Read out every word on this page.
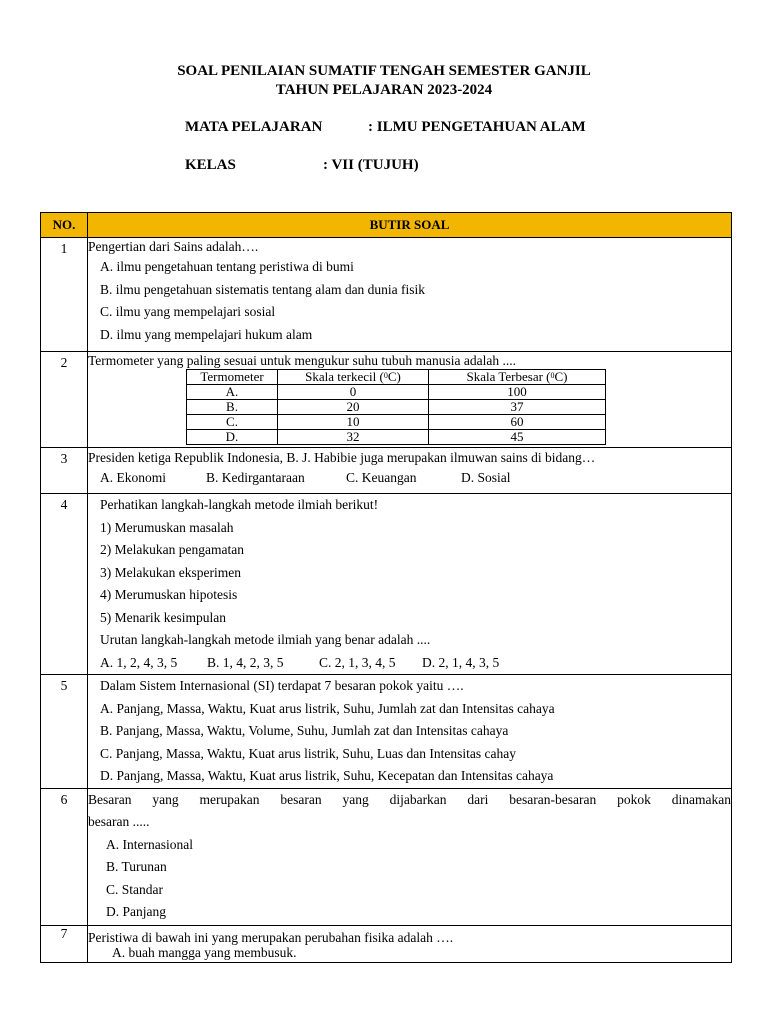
SOAL PENILAIAN SUMATIF TENGAH SEMESTER GANJIL
TAHUN PELAJARAN 2023-2024
MATA PELAJARAN	: ILMU PENGETAHUAN ALAM
KELAS	: VII (TUJUH)
NO.	BUTIR SOAL
1	Pengertian dari Sains adalah….
A. ilmu pengetahuan tentang peristiwa di bumi
B. ilmu pengetahuan sistematis tentang alam dan dunia fisik
C. ilmu yang mempelajari sosial
D. ilmu yang mempelajari hukum alam

2	Termometer yang paling sesuai untuk mengukur suhu tubuh manusia adalah ....
Termometer	Skala terkecil ($^0$C)	Skala Terbesar ($^0$C)
A.	0	100
B.	20	37
C.	10	60
D.	32	45

3	Presiden ketiga Republik Indonesia, B. J. Habibie juga merupakan ilmuwan sains di bidang…
A. Ekonomi	B. Kedirgantaraan	C. Keuangan	D. Sosial

4	Perhatikan langkah-langkah metode ilmiah berikut!
1) Merumuskan masalah
2) Melakukan pengamatan
3) Melakukan eksperimen
4) Merumuskan hipotesis
5) Menarik kesimpulan
Urutan langkah-langkah metode ilmiah yang benar adalah ....
A. 1, 2, 4, 3, 5	B. 1, 4, 2, 3, 5	C. 2, 1, 3, 4, 5	D. 2, 1, 4, 3, 5

5	Dalam Sistem Internasional (SI) terdapat 7 besaran pokok yaitu ….
A. Panjang, Massa, Waktu, Kuat arus listrik, Suhu, Jumlah zat dan Intensitas cahaya
B. Panjang, Massa, Waktu, Volume, Suhu, Jumlah zat dan Intensitas cahaya
C. Panjang, Massa, Waktu, Kuat arus listrik, Suhu, Luas dan Intensitas cahay
D. Panjang, Massa, Waktu, Kuat arus listrik, Suhu, Kecepatan dan Intensitas cahaya

6	Besaran yang merupakan besaran yang dijabarkan dari besaran-besaran pokok dinamakan
besaran .....
A. Internasional
B. Turunan
C. Standar
D. Panjang

7	Peristiwa di bawah ini yang merupakan perubahan fisika adalah ….
A. buah mangga yang membusuk.
